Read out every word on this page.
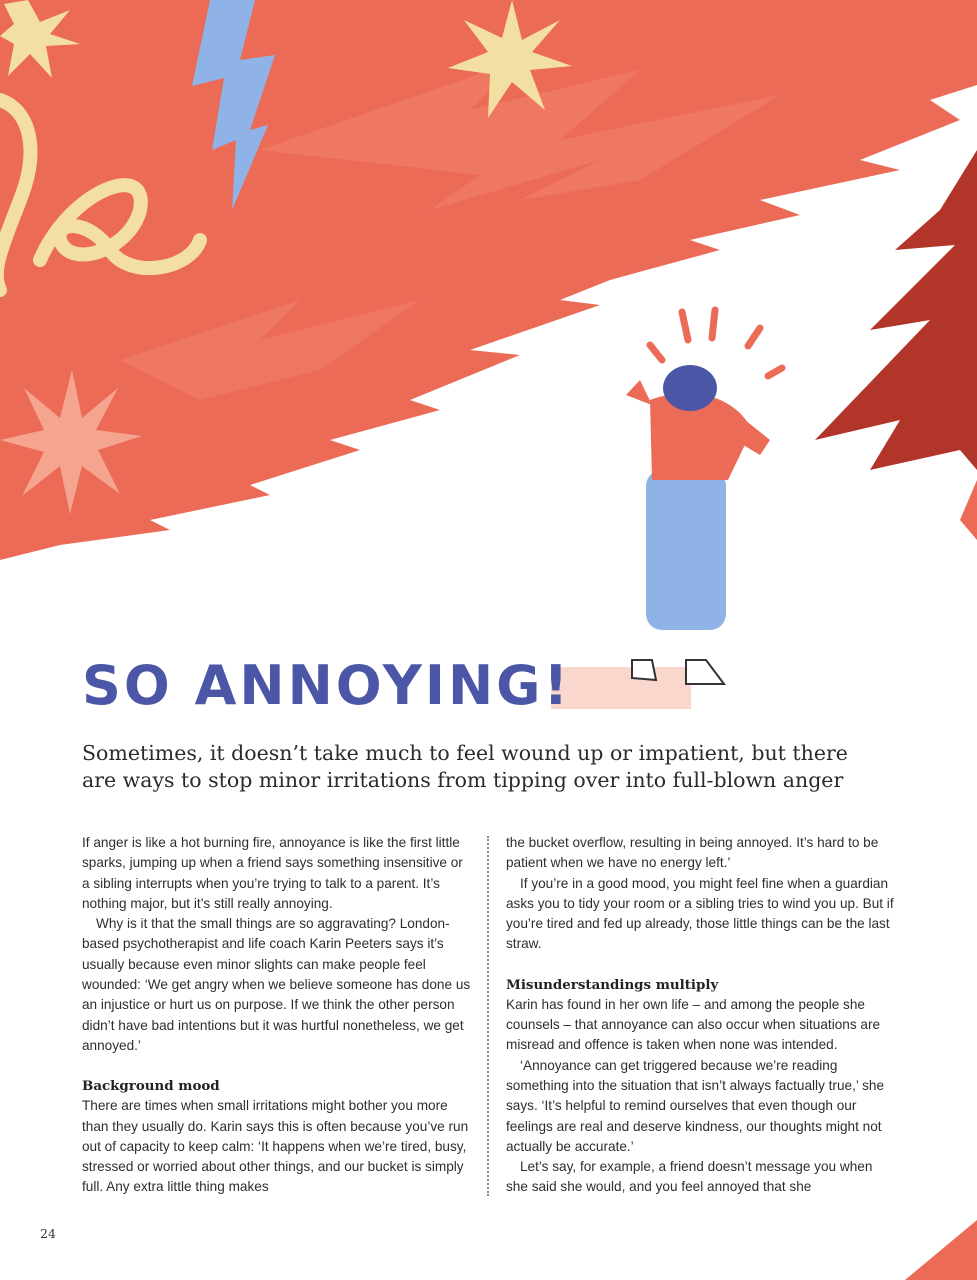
SO ANNOYING!

Sometimes, it doesn’t take much to feel wound up or impatient, but there are ways to stop minor irritations from tipping over into full-blown anger

If anger is like a hot burning fire, annoyance is like the first little sparks, jumping up when a friend says something insensitive or a sibling interrupts when you’re trying to talk to a parent. It’s nothing major, but it’s still really annoying.

Why is it that the small things are so aggravating? London-based psychotherapist and life coach Karin Peeters says it’s usually because even minor slights can make people feel wounded: ‘We get angry when we believe someone has done us an injustice or hurt us on purpose. If we think the other person didn’t have bad intentions but it was hurtful nonetheless, we get annoyed.’

Background mood

There are times when small irritations might bother you more than they usually do. Karin says this is often because you’ve run out of capacity to keep calm: ‘It happens when we’re tired, busy, stressed or worried about other things, and our bucket is simply full. Any extra little thing makes

the bucket overflow, resulting in being annoyed. It’s hard to be patient when we have no energy left.’

If you’re in a good mood, you might feel fine when a guardian asks you to tidy your room or a sibling tries to wind you up. But if you’re tired and fed up already, those little things can be the last straw.

Misunderstandings multiply

Karin has found in her own life – and among the people she counsels – that annoyance can also occur when situations are misread and offence is taken when none was intended.

‘Annoyance can get triggered because we’re reading something into the situation that isn’t always factually true,’ she says. ‘It’s helpful to remind ourselves that even though our feelings are real and deserve kindness, our thoughts might not actually be accurate.’

Let’s say, for example, a friend doesn’t message you when she said she would, and you feel annoyed that she

24
